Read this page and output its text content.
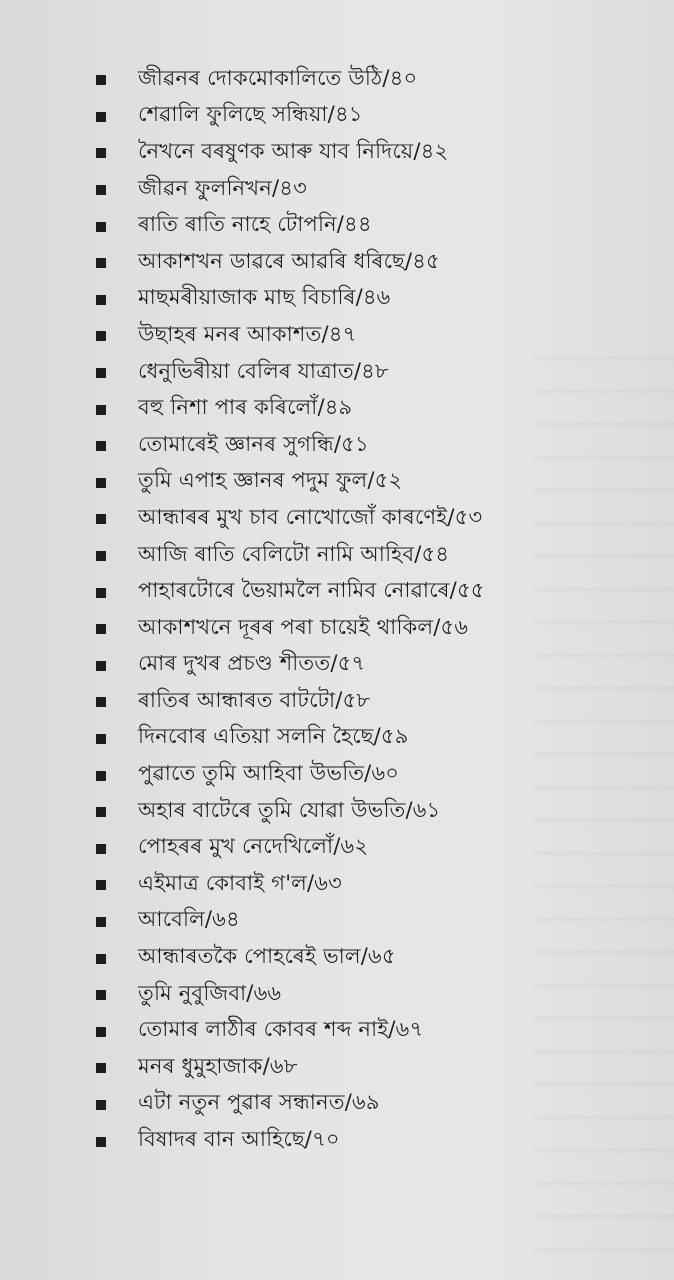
জীৱনৰ দোকমোকালিতে উঠি/৪০
শেৱালি ফুলিছে সন্ধিয়া/৪১
নৈখনে বৰষুণক আৰু যাব নিদিয়ে/৪২
জীৱন ফুলনিখন/৪৩
ৰাতি ৰাতি নাহে টোপনি/৪৪
আকাশখন ডাৱৰে আৱৰি ধৰিছে/৪৫
মাছমৰীয়াজাক মাছ বিচাৰি/৪৬
উছাহৰ মনৰ আকাশত/৪৭
ধেনুভিৰীয়া বেলিৰ যাত্ৰাত/৪৮
বহু নিশা পাৰ কৰিলোঁ/৪৯
তোমাৰেই জ্ঞানৰ সুগন্ধি/৫১
তুমি এপাহ জ্ঞানৰ পদুম ফুল/৫২
আন্ধাৰৰ মুখ চাব নোখোজোঁ কাৰণেই/৫৩
আজি ৰাতি বেলিটো নামি আহিব/৫৪
পাহাৰটোৰে ভৈয়ামলৈ নামিব নোৱাৰে/৫৫
আকাশখনে দূৰৰ পৰা চায়েই থাকিল/৫৬
মোৰ দুখৰ প্ৰচণ্ড শীতত/৫৭
ৰাতিৰ আন্ধাৰত বাটটো/৫৮
দিনবোৰ এতিয়া সলনি হৈছে/৫৯
পুৱাতে তুমি আহিবা উভতি/৬০
অহাৰ বাটেৰে তুমি যোৱা উভতি/৬১
পোহৰৰ মুখ নেদেখিলোঁ/৬২
এইমাত্ৰ কোবাই গ'ল/৬৩
আবেলি/৬৪
আন্ধাৰতকৈ পোহৰেই ভাল/৬৫
তুমি নুবুজিবা/৬৬
তোমাৰ লাঠীৰ কোবৰ শব্দ নাই/৬৭
মনৰ ধুমুহাজাক/৬৮
এটা নতুন পুৱাৰ সন্ধানত/৬৯
বিষাদৰ বান আহিছে/৭০
